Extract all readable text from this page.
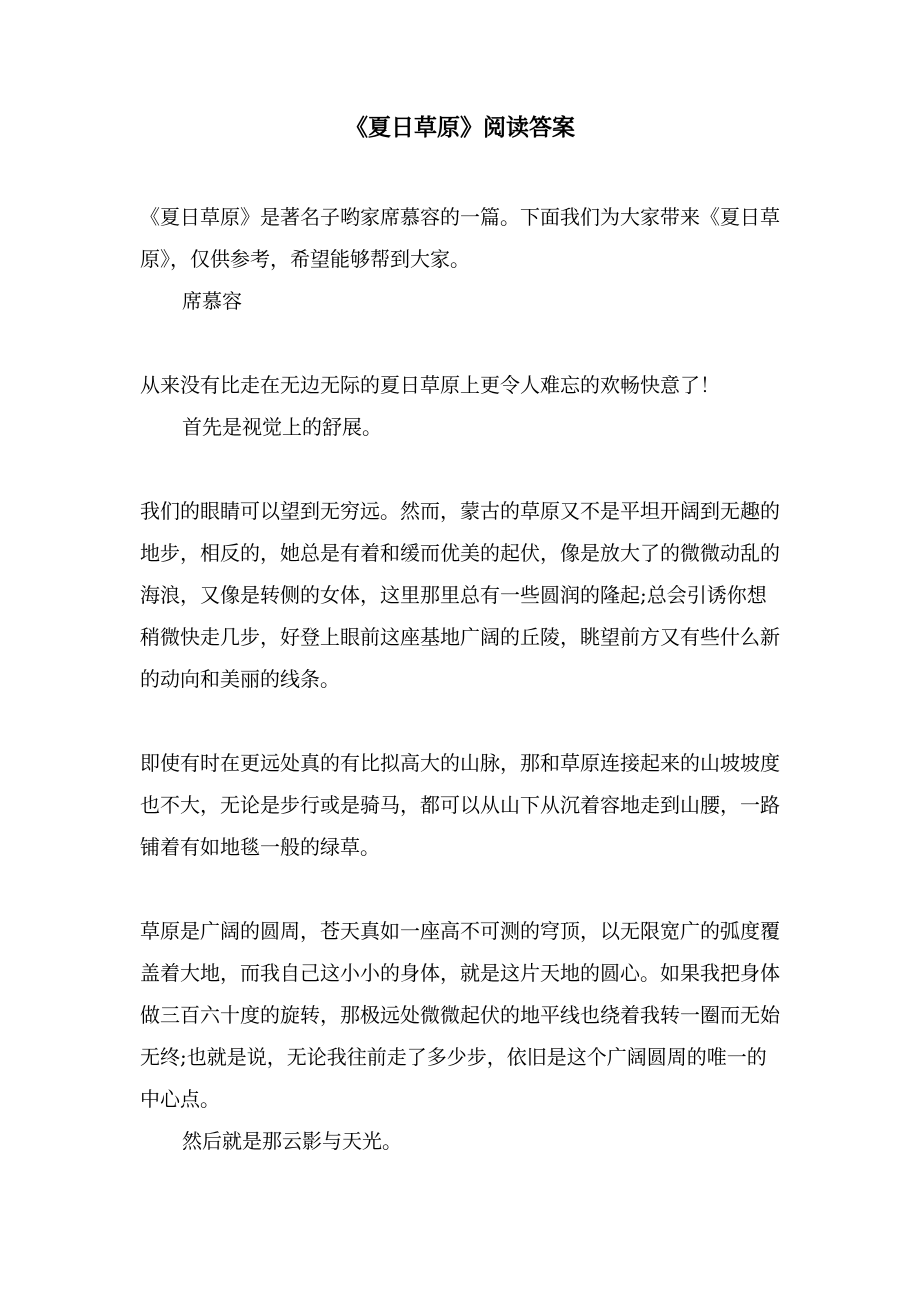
《夏日草原》阅读答案

《夏日草原》是著名子哟家席慕容的一篇。下面我们为大家带来《夏日草原》，仅供参考，希望能够帮到大家。

席慕容

从来没有比走在无边无际的夏日草原上更令人难忘的欢畅快意了！

首先是视觉上的舒展。

我们的眼睛可以望到无穷远。然而，蒙古的草原又不是平坦开阔到无趣的地步，相反的，她总是有着和缓而优美的起伏，像是放大了的微微动乱的海浪，又像是转侧的女体，这里那里总有一些圆润的隆起;总会引诱你想稍微快走几步，好登上眼前这座基地广阔的丘陵，眺望前方又有些什么新的动向和美丽的线条。

即使有时在更远处真的有比拟高大的山脉，那和草原连接起来的山坡坡度也不大，无论是步行或是骑马，都可以从山下从沉着容地走到山腰，一路铺着有如地毯一般的绿草。

草原是广阔的圆周，苍天真如一座高不可测的穹顶，以无限宽广的弧度覆盖着大地，而我自己这小小的身体，就是这片天地的圆心。如果我把身体做三百六十度的旋转，那极远处微微起伏的地平线也绕着我转一圈而无始无终;也就是说，无论我往前走了多少步，依旧是这个广阔圆周的唯一的中心点。

然后就是那云影与天光。
